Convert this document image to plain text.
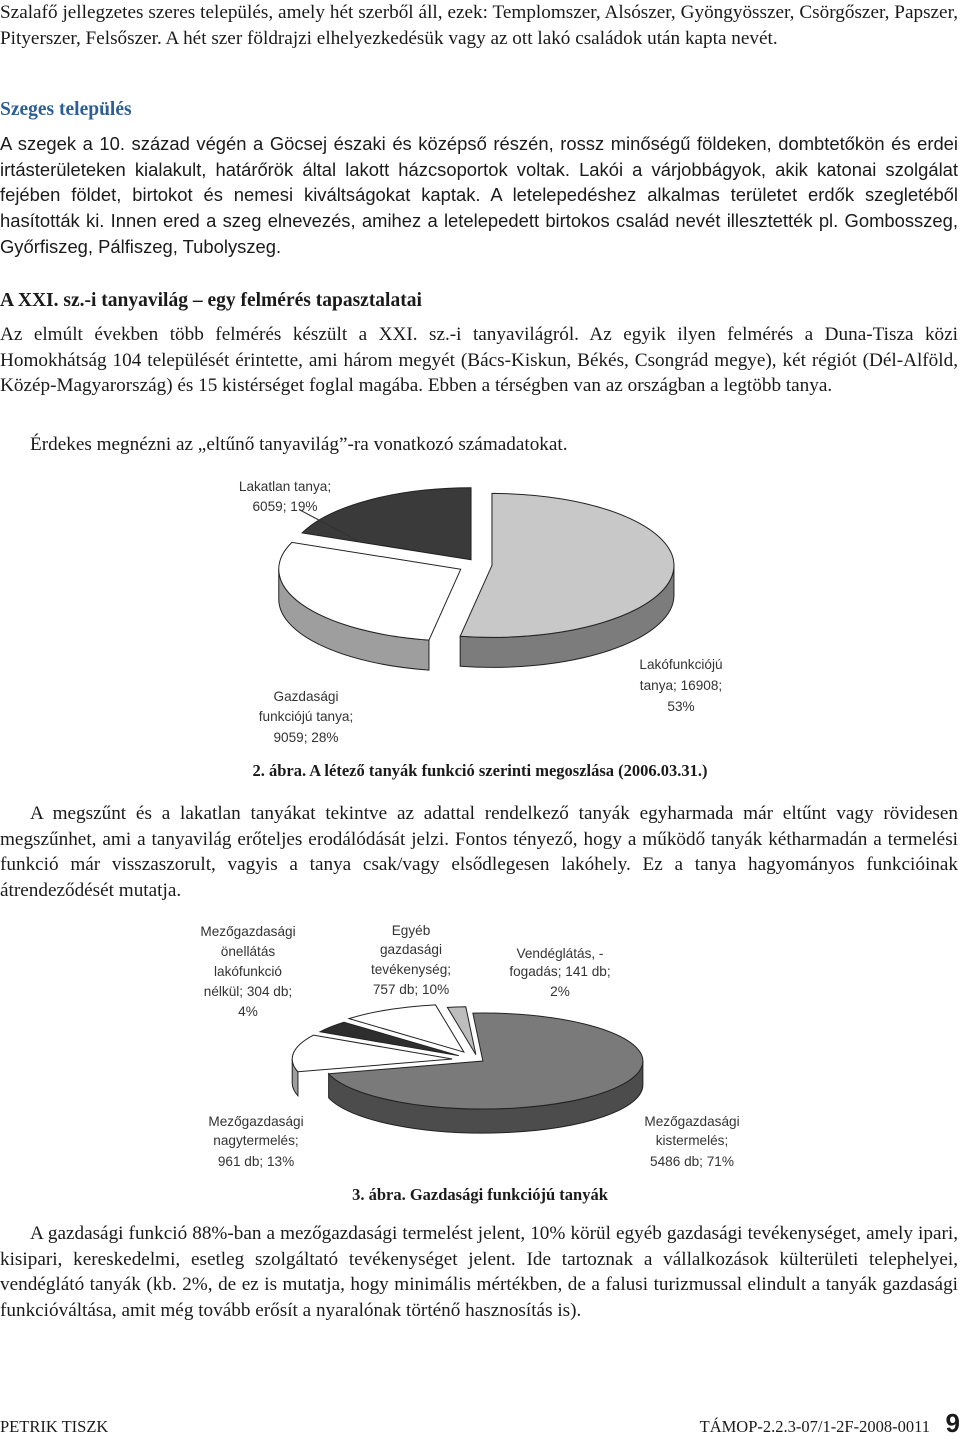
Szalafő jellegzetes szeres település, amely hét szerből áll, ezek: Templomszer, Alsószer, Gyöngyösszer, Csörgőszer, Papszer, Pityerszer, Felsőszer. A hét szer földrajzi elhelyezkedésük vagy az ott lakó családok után kapta nevét.

Szeges település

A szegek a 10. század végén a Göcsej északi és középső részén, rossz minőségű földeken, dombtetőkön és erdei irtásterületeken kialakult, határőrök által lakott házcsoportok voltak. Lakói a várjobbágyok, akik katonai szolgálat fejében földet, birtokot és nemesi kiváltságokat kaptak. A letelepedéshez alkalmas területet erdők szegletéből hasították ki. Innen ered a szeg elnevezés, amihez a letelepedett birtokos család nevét illesztették pl. Gombosszeg, Győrfiszeg, Pálfiszeg, Tubolyszeg.

A XXI. sz.-i tanyavilág – egy felmérés tapasztalatai

Az elmúlt években több felmérés készült a XXI. sz.-i tanyavilágról. Az egyik ilyen felmérés a Duna-Tisza közi Homokhátság 104 települését érintette, ami három megyét (Bács-Kiskun, Békés, Csongrád megye), két régiót (Dél-Alföld, Közép-Magyarország) és 15 kistérséget foglal magába. Ebben a térségben van az országban a legtöbb tanya.

Érdekes megnézni az „eltűnő tanyavilág”-ra vonatkozó számadatokat.

Lakatlan tanya;
6059; 19%
Lakófunkciójú
tanya; 16908;
53%
Gazdasági
funkciójú tanya;
9059; 28%
2. ábra. A létező tanyák funkció szerinti megoszlása (2006.03.31.)

A megszűnt és a lakatlan tanyákat tekintve az adattal rendelkező tanyák egyharmada már eltűnt vagy rövidesen megszűnhet, ami a tanyavilág erőteljes erodálódását jelzi. Fontos tényező, hogy a működő tanyák kétharmadán a termelési funkció már visszaszorult, vagyis a tanya csak/vagy elsődlegesen lakóhely. Ez a tanya hagyományos funkcióinak átrendeződését mutatja.

Mezőgazdasági
önellátás
lakófunkció
nélkül; 304 db;
4%
Egyéb
gazdasági
tevékenység;
757 db; 10%
Vendéglátás, -
fogadás; 141 db;
2%
Mezőgazdasági
nagytermelés;
961 db; 13%
Mezőgazdasági
kistermelés;
5486 db; 71%
3. ábra. Gazdasági funkciójú tanyák

A gazdasági funkció 88%-ban a mezőgazdasági termelést jelent, 10% körül egyéb gazdasági tevékenységet, amely ipari, kisipari, kereskedelmi, esetleg szolgáltató tevékenységet jelent. Ide tartoznak a vállalkozások külterületi telephelyei, vendéglátó tanyák (kb. 2%, de ez is mutatja, hogy minimális mértékben, de a falusi turizmussal elindult a tanyák gazdasági funkcióváltása, amit még tovább erősít a nyaralónak történő hasznosítás is).

PETRIK TISZK	TÁMOP-2.2.3-07/1-2F-2008-0011 9
